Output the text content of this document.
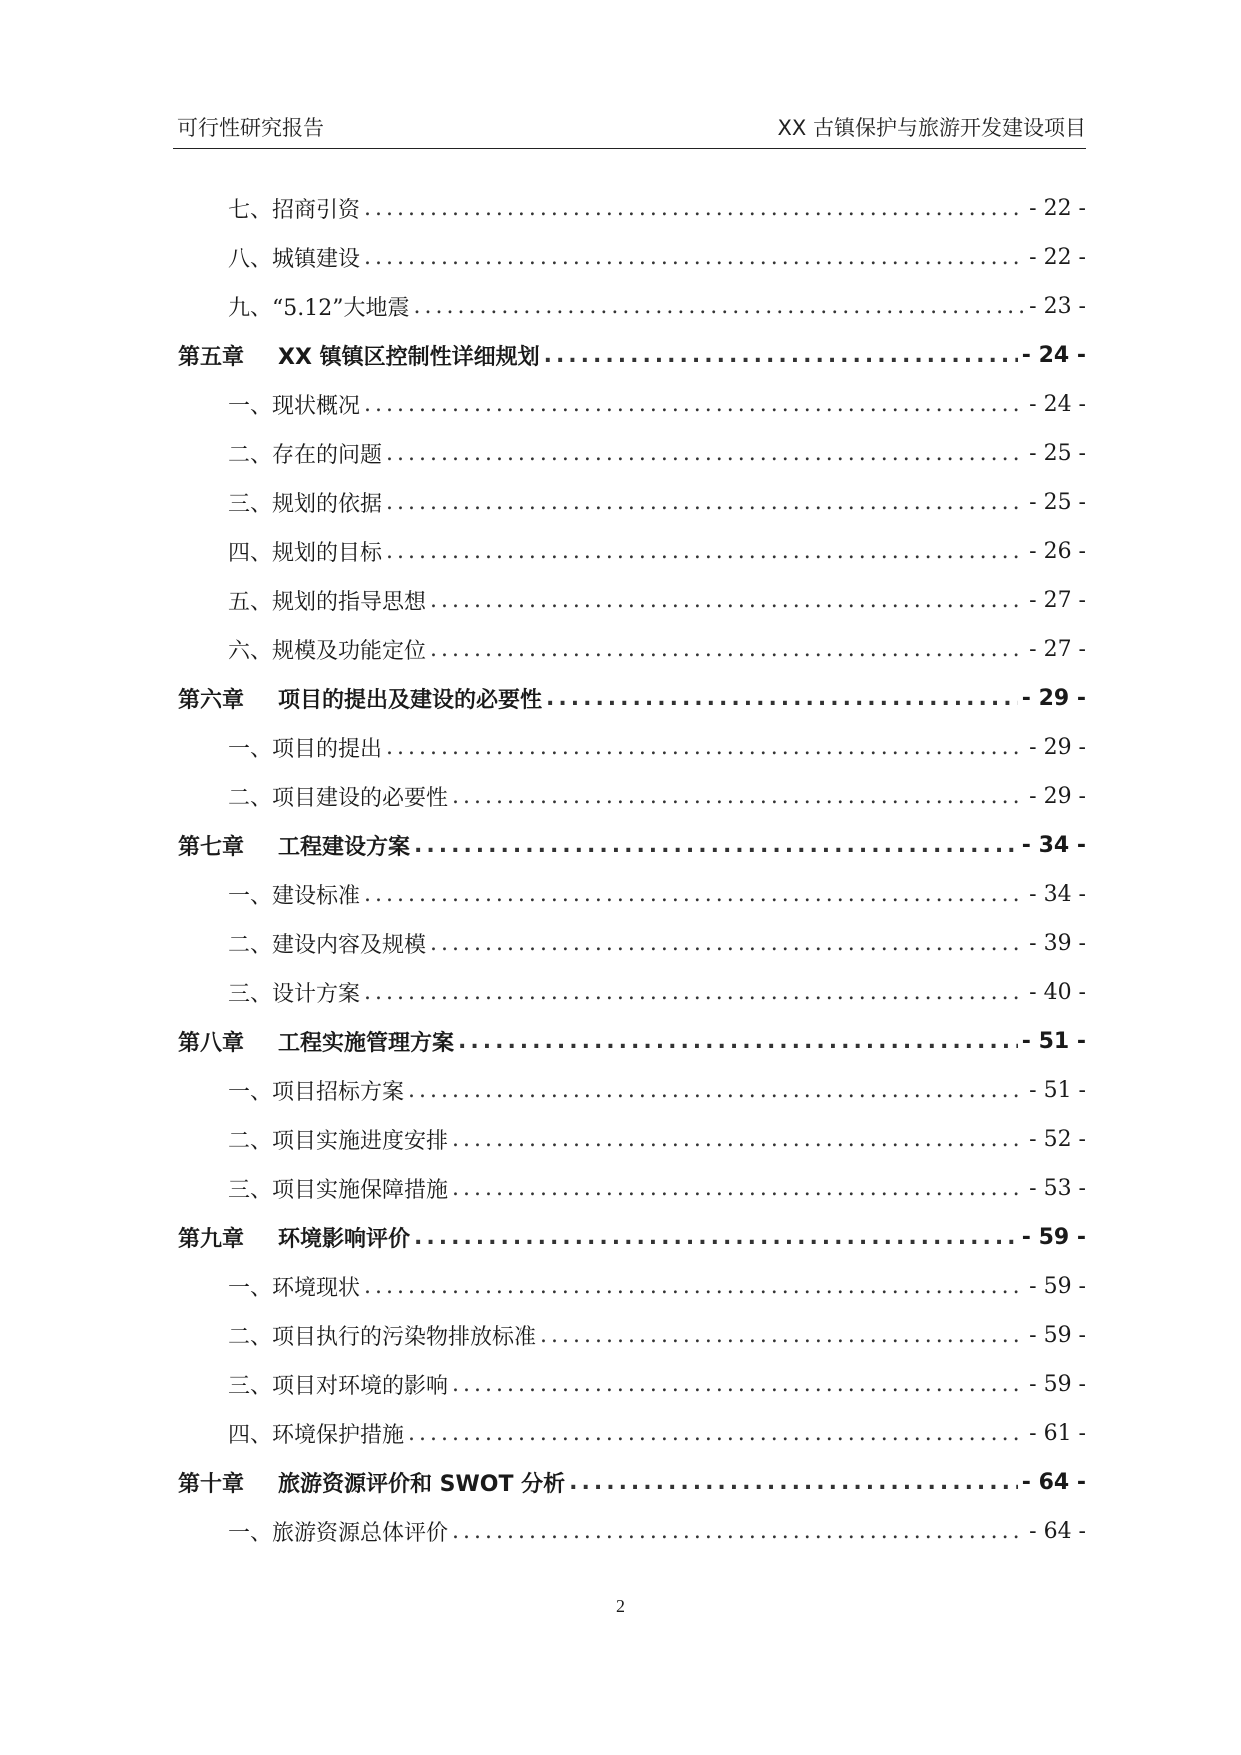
可行性研究报告	XX 古镇保护与旅游开发建设项目
七、招商引资 .....	- 22 -
八、城镇建设 .....	- 22 -
九、“5.12”大地震 .....	- 23 -
第五章 XX 镇镇区控制性详细规划 .....	- 24 -
一、现状概况 .....	- 24 -
二、存在的问题 .....	- 25 -
三、规划的依据 .....	- 25 -
四、规划的目标 .....	- 26 -
五、规划的指导思想 .....	- 27 -
六、规模及功能定位 .....	- 27 -
第六章 项目的提出及建设的必要性 .....	- 29 -
一、项目的提出 .....	- 29 -
二、项目建设的必要性 .....	- 29 -
第七章 工程建设方案 .....	- 34 -
一、建设标准 .....	- 34 -
二、建设内容及规模 .....	- 39 -
三、设计方案 .....	- 40 -
第八章 工程实施管理方案 .....	- 51 -
一、项目招标方案 .....	- 51 -
二、项目实施进度安排 .....	- 52 -
三、项目实施保障措施 .....	- 53 -
第九章 环境影响评价 .....	- 59 -
一、环境现状 .....	- 59 -
二、项目执行的污染物排放标准 .....	- 59 -
三、项目对环境的影响 .....	- 59 -
四、环境保护措施 .....	- 61 -
第十章 旅游资源评价和 SWOT 分析 .....	- 64 -
一、旅游资源总体评价 .....	- 64 -
2
